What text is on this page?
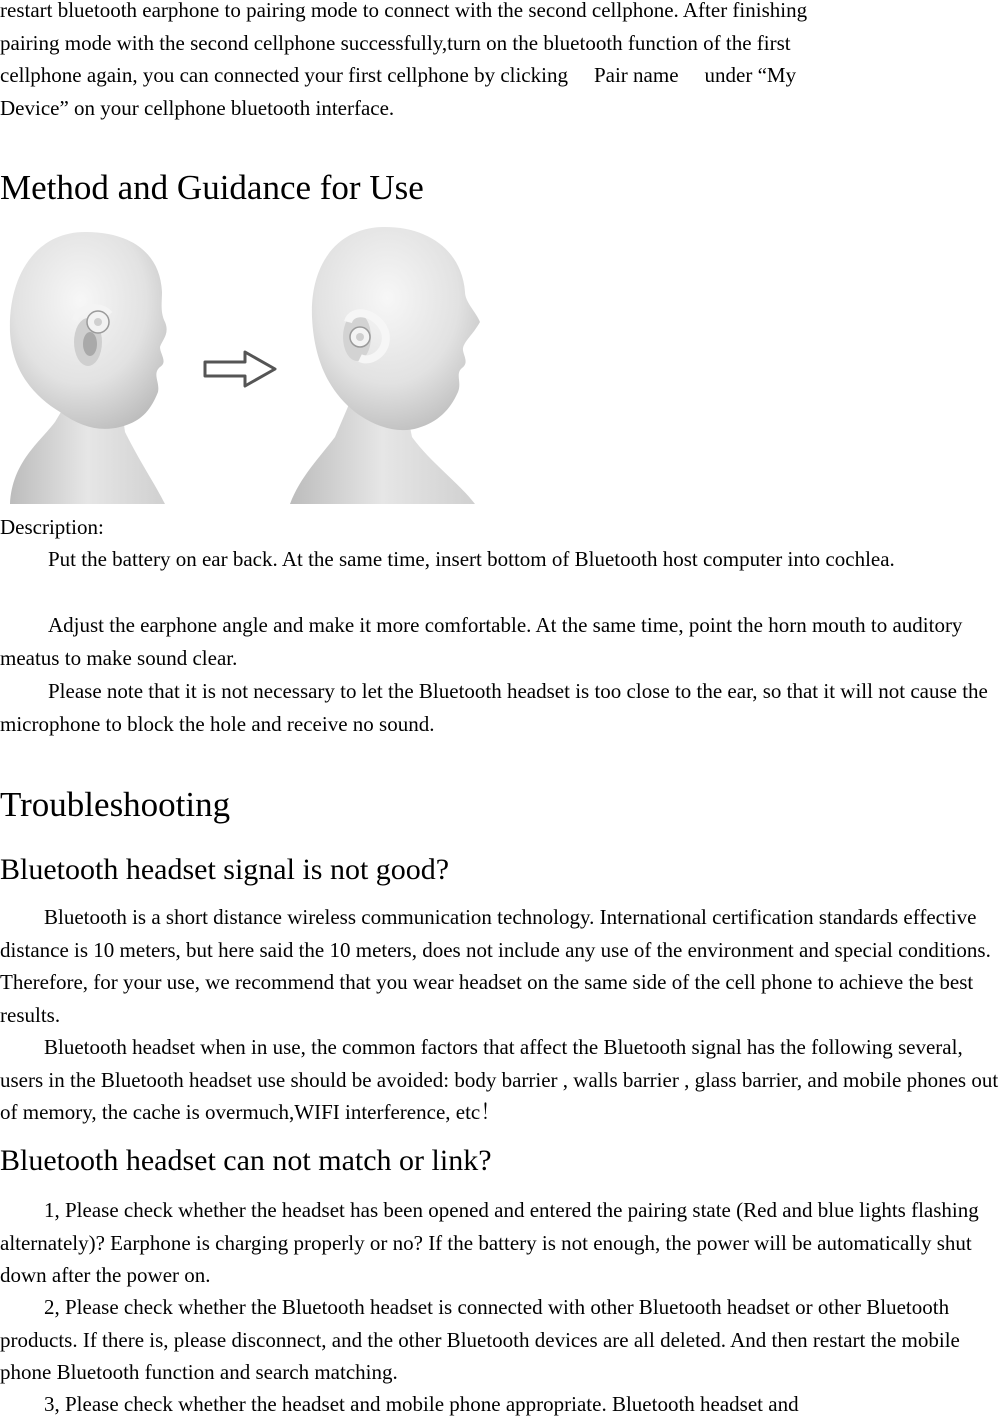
restart bluetooth earphone to pairing mode to connect with the second cellphone. After finishing
pairing mode with the second cellphone successfully,turn on the bluetooth function of the first
cellphone again, you can connected your first cellphone by clicking Pair name under “My
Device” on your cellphone bluetooth interface.
Method and Guidance for Use
Description:

Put the battery on ear back. At the same time, insert bottom of Bluetooth host computer into cochlea.

Adjust the earphone angle and make it more comfortable. At the same time, point the horn mouth to auditory meatus to make sound clear.

Please note that it is not necessary to let the Bluetooth headset is too close to the ear, so that it will not cause the microphone to block the hole and receive no sound.

Troubleshooting
Bluetooth headset signal is not good?

Bluetooth is a short distance wireless communication technology. International certification standards effective distance is 10 meters, but here said the 10 meters, does not include any use of the environment and special conditions. Therefore, for your use, we recommend that you wear headset on the same side of the cell phone to achieve the best results.

Bluetooth headset when in use, the common factors that affect the Bluetooth signal has the following several, users in the Bluetooth headset use should be avoided: body barrier , walls barrier , glass barrier, and mobile phones out of memory, the cache is overmuch,WIFI interference, etc！

Bluetooth headset can not match or link?

1, Please check whether the headset has been opened and entered the pairing state (Red and blue lights flashing alternately)? Earphone is charging properly or no? If the battery is not enough, the power will be automatically shut down after the power on.

2, Please check whether the Bluetooth headset is connected with other Bluetooth headset or other Bluetooth products. If there is, please disconnect, and the other Bluetooth devices are all deleted. And then restart the mobile phone Bluetooth function and search matching.

3, Please check whether the headset and mobile phone appropriate. Bluetooth headset and
